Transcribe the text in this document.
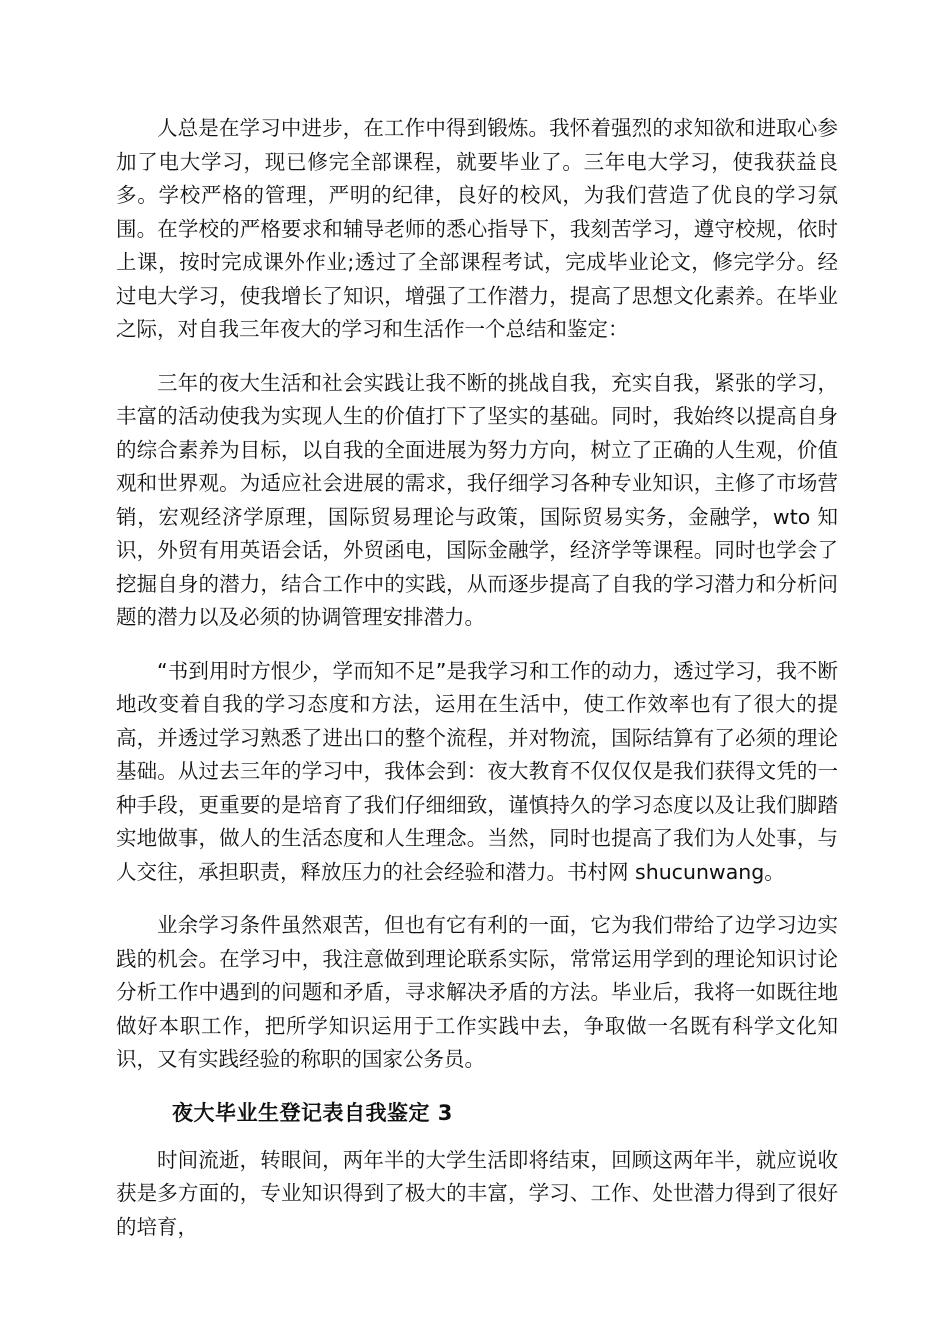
人总是在学习中进步，在工作中得到锻炼。我怀着强烈的求知欲和进取心参加了电大学习，现已修完全部课程，就要毕业了。三年电大学习，使我获益良多。学校严格的管理，严明的纪律，良好的校风，为我们营造了优良的学习氛围。在学校的严格要求和辅导老师的悉心指导下，我刻苦学习，遵守校规，依时上课，按时完成课外作业;透过了全部课程考试，完成毕业论文，修完学分。经过电大学习，使我增长了知识，增强了工作潜力，提高了思想文化素养。在毕业之际，对自我三年夜大的学习和生活作一个总结和鉴定：

三年的夜大生活和社会实践让我不断的挑战自我，充实自我，紧张的学习，丰富的活动使我为实现人生的价值打下了坚实的基础。同时，我始终以提高自身的综合素养为目标，以自我的全面进展为努力方向，树立了正确的人生观，价值观和世界观。为适应社会进展的需求，我仔细学习各种专业知识，主修了市场营销，宏观经济学原理，国际贸易理论与政策，国际贸易实务，金融学，wto 知识，外贸有用英语会话，外贸函电，国际金融学，经济学等课程。同时也学会了挖掘自身的潜力，结合工作中的实践，从而逐步提高了自我的学习潜力和分析问题的潜力以及必须的协调管理安排潜力。

“书到用时方恨少，学而知不足”是我学习和工作的动力，透过学习，我不断地改变着自我的学习态度和方法，运用在生活中，使工作效率也有了很大的提高，并透过学习熟悉了进出口的整个流程，并对物流，国际结算有了必须的理论基础。从过去三年的学习中，我体会到：夜大教育不仅仅仅是我们获得文凭的一种手段，更重要的是培育了我们仔细细致，谨慎持久的学习态度以及让我们脚踏实地做事，做人的生活态度和人生理念。当然，同时也提高了我们为人处事，与人交往，承担职责，释放压力的社会经验和潜力。书村网 shucunwang。

业余学习条件虽然艰苦，但也有它有利的一面，它为我们带给了边学习边实践的机会。在学习中，我注意做到理论联系实际，常常运用学到的理论知识讨论分析工作中遇到的问题和矛盾，寻求解决矛盾的方法。毕业后，我将一如既往地做好本职工作，把所学知识运用于工作实践中去，争取做一名既有科学文化知识，又有实践经验的称职的国家公务员。

夜大毕业生登记表自我鉴定 3

时间流逝，转眼间，两年半的大学生活即将结束，回顾这两年半，就应说收获是多方面的，专业知识得到了极大的丰富，学习、工作、处世潜力得到了很好的培育，
